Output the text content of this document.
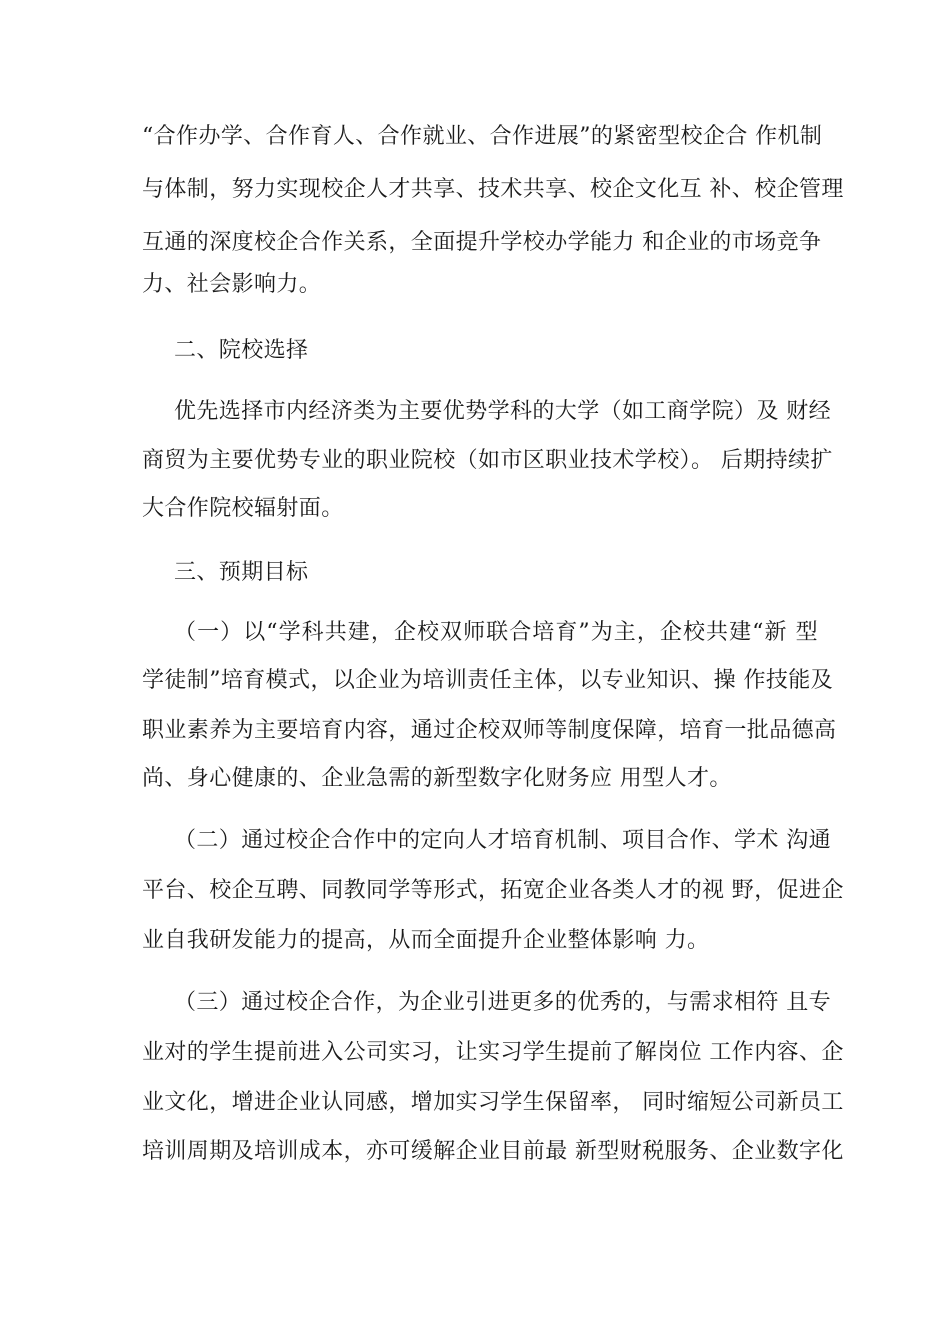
“合作办学、合作育人、合作就业、合作进展”的紧密型校企合 作机制
与体制，努力实现校企人才共享、技术共享、校企文化互 补、校企管理
互通的深度校企合作关系，全面提升学校办学能力 和企业的市场竞争
力、社会影响力。
二、院校选择
优先选择市内经济类为主要优势学科的大学（如工商学院）及 财经
商贸为主要优势专业的职业院校（如市区职业技术学校）。 后期持续扩
大合作院校辐射面。
三、预期目标
（一）以“学科共建，企校双师联合培育”为主，企校共建“新 型
学徒制”培育模式，以企业为培训责任主体，以专业知识、操 作技能及
职业素养为主要培育内容，通过企校双师等制度保障，培育一批品德高
尚、身心健康的、企业急需的新型数字化财务应 用型人才。
（二）通过校企合作中的定向人才培育机制、项目合作、学术 沟通
平台、校企互聘、同教同学等形式，拓宽企业各类人才的视 野，促进企
业自我研发能力的提高，从而全面提升企业整体影响 力。
（三）通过校企合作，为企业引进更多的优秀的，与需求相符 且专
业对的学生提前进入公司实习，让实习学生提前了解岗位 工作内容、企
业文化，增进企业认同感，增加实习学生保留率， 同时缩短公司新员工
培训周期及培训成本，亦可缓解企业目前最 新型财税服务、企业数字化
